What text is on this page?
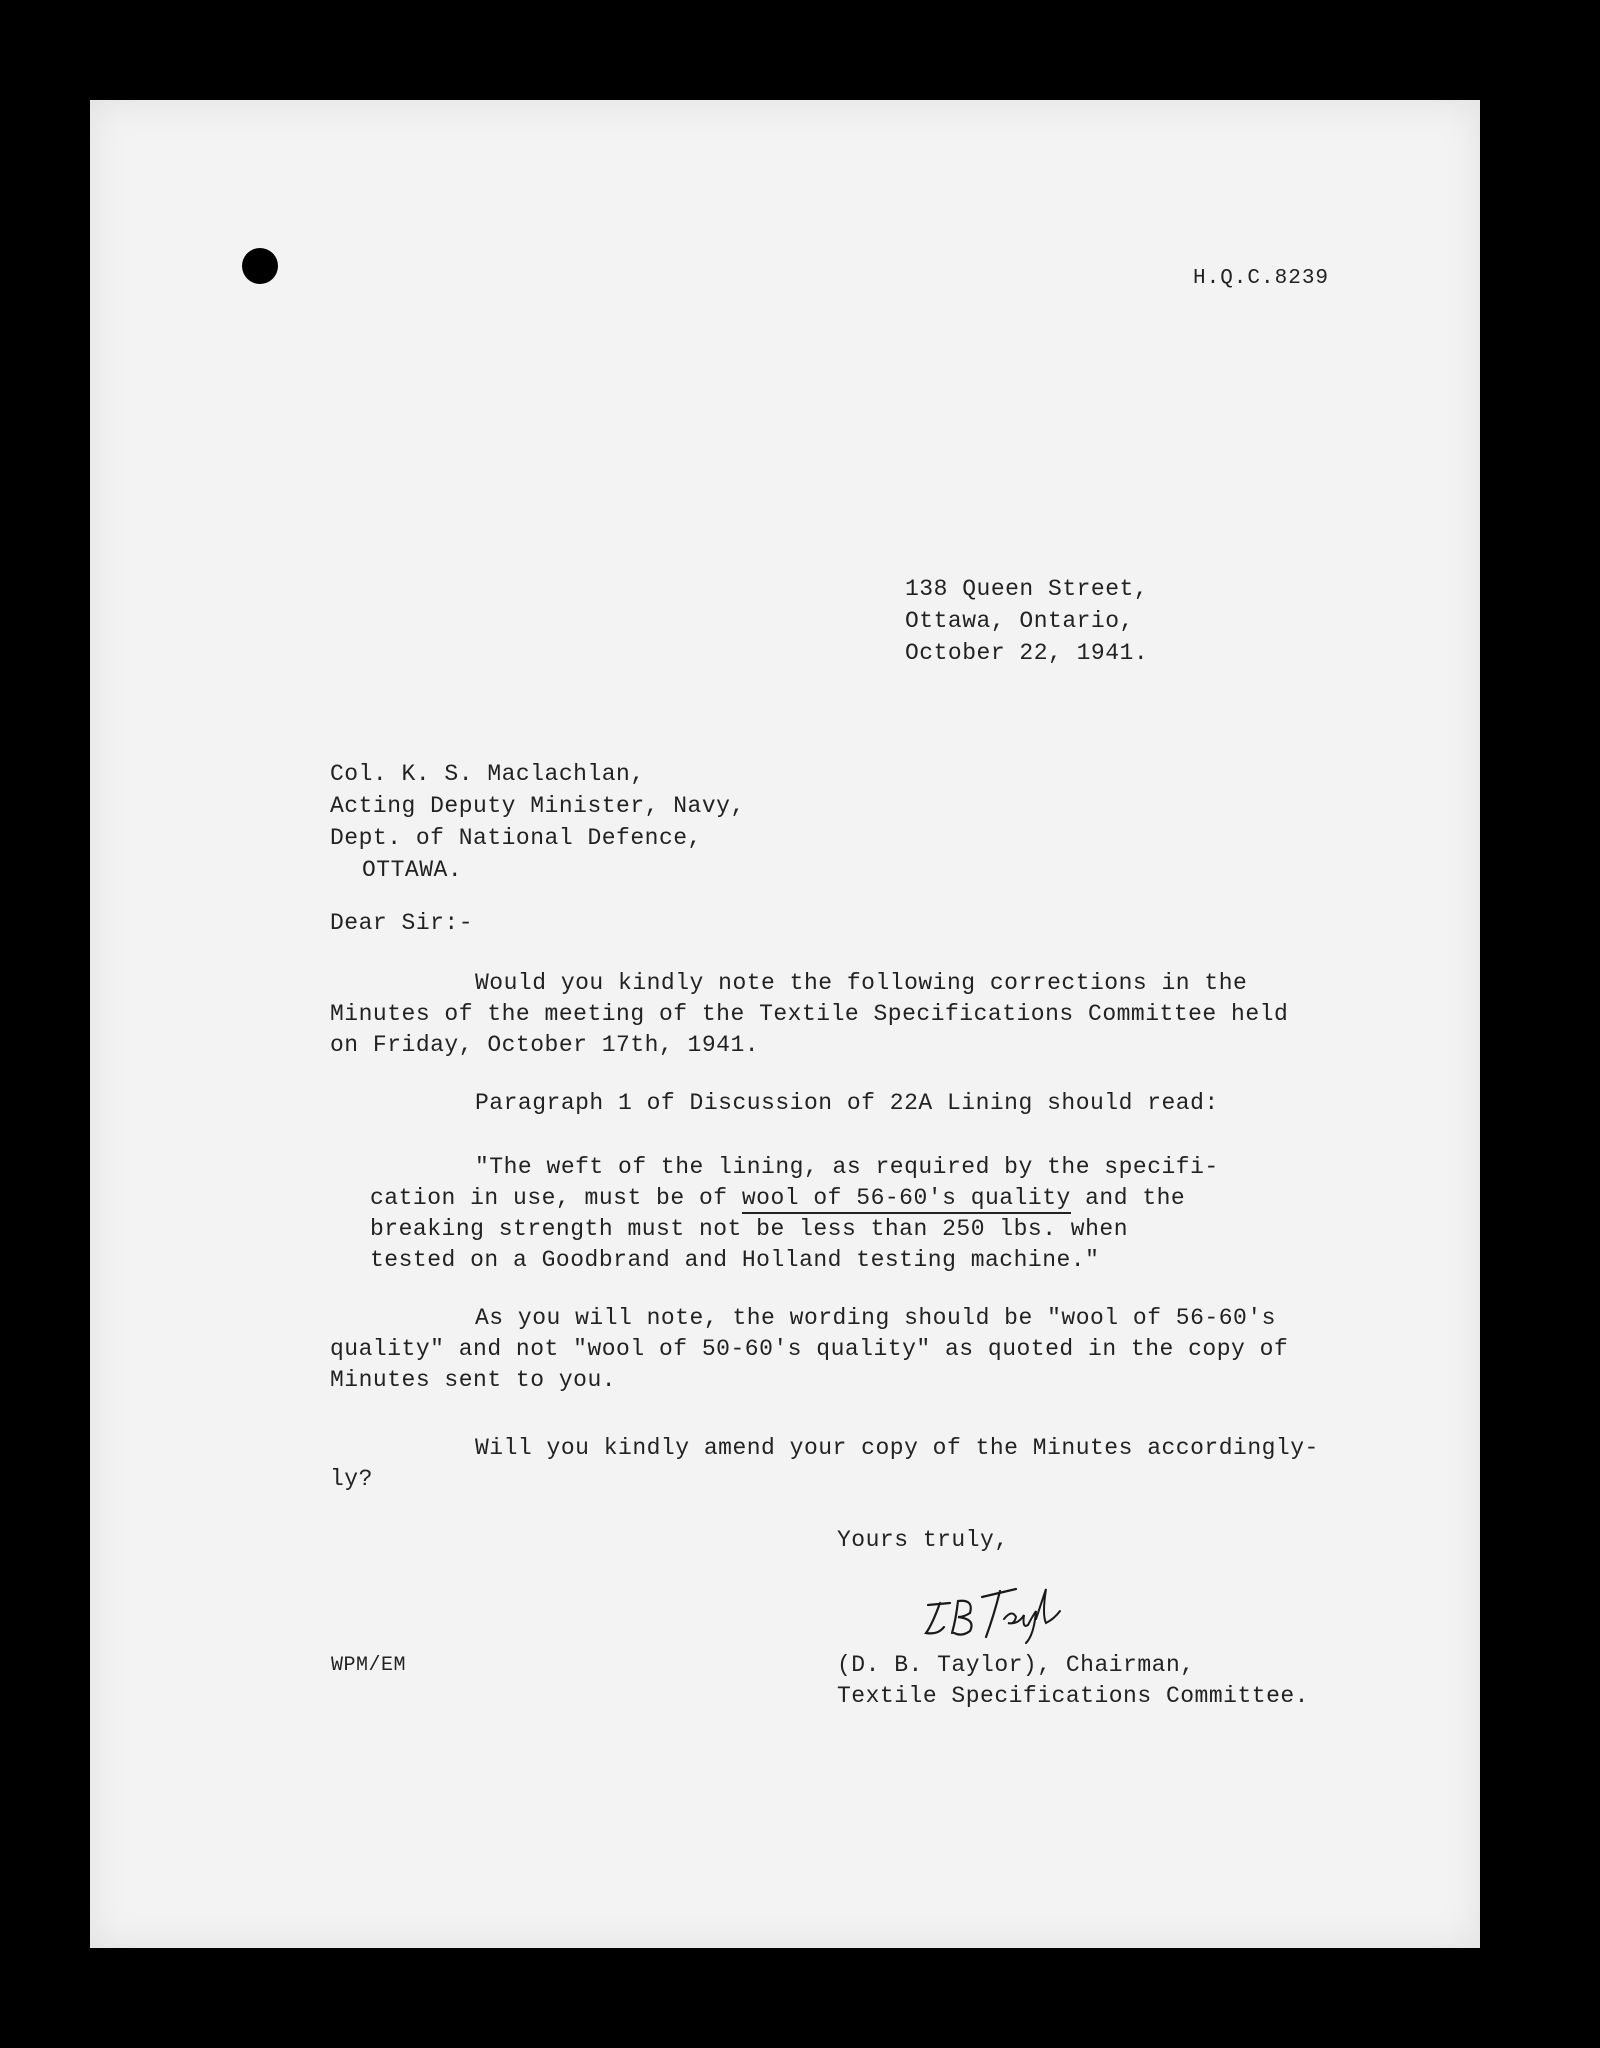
H.Q.C.8239
138 Queen Street,
Ottawa, Ontario,
October 22, 1941.
Col. K. S. Maclachlan,
Acting Deputy Minister, Navy,
Dept. of National Defence,
OTTAWA.
Dear Sir:-
Would you kindly note the following corrections in the
Minutes of the meeting of the Textile Specifications Committee held
on Friday, October 17th, 1941.
Paragraph 1 of Discussion of 22A Lining should read:
"The weft of the lining, as required by the specifi-
cation in use, must be of wool of 56-60's quality and the
breaking strength must not be less than 250 lbs. when
tested on a Goodbrand and Holland testing machine."
As you will note, the wording should be "wool of 56-60's
quality" and not "wool of 50-60's quality" as quoted in the copy of
Minutes sent to you.
Will you kindly amend your copy of the Minutes accordingly-
ly?
Yours truly,
WPM/EM	(D. B. Taylor), Chairman,
Textile Specifications Committee.
